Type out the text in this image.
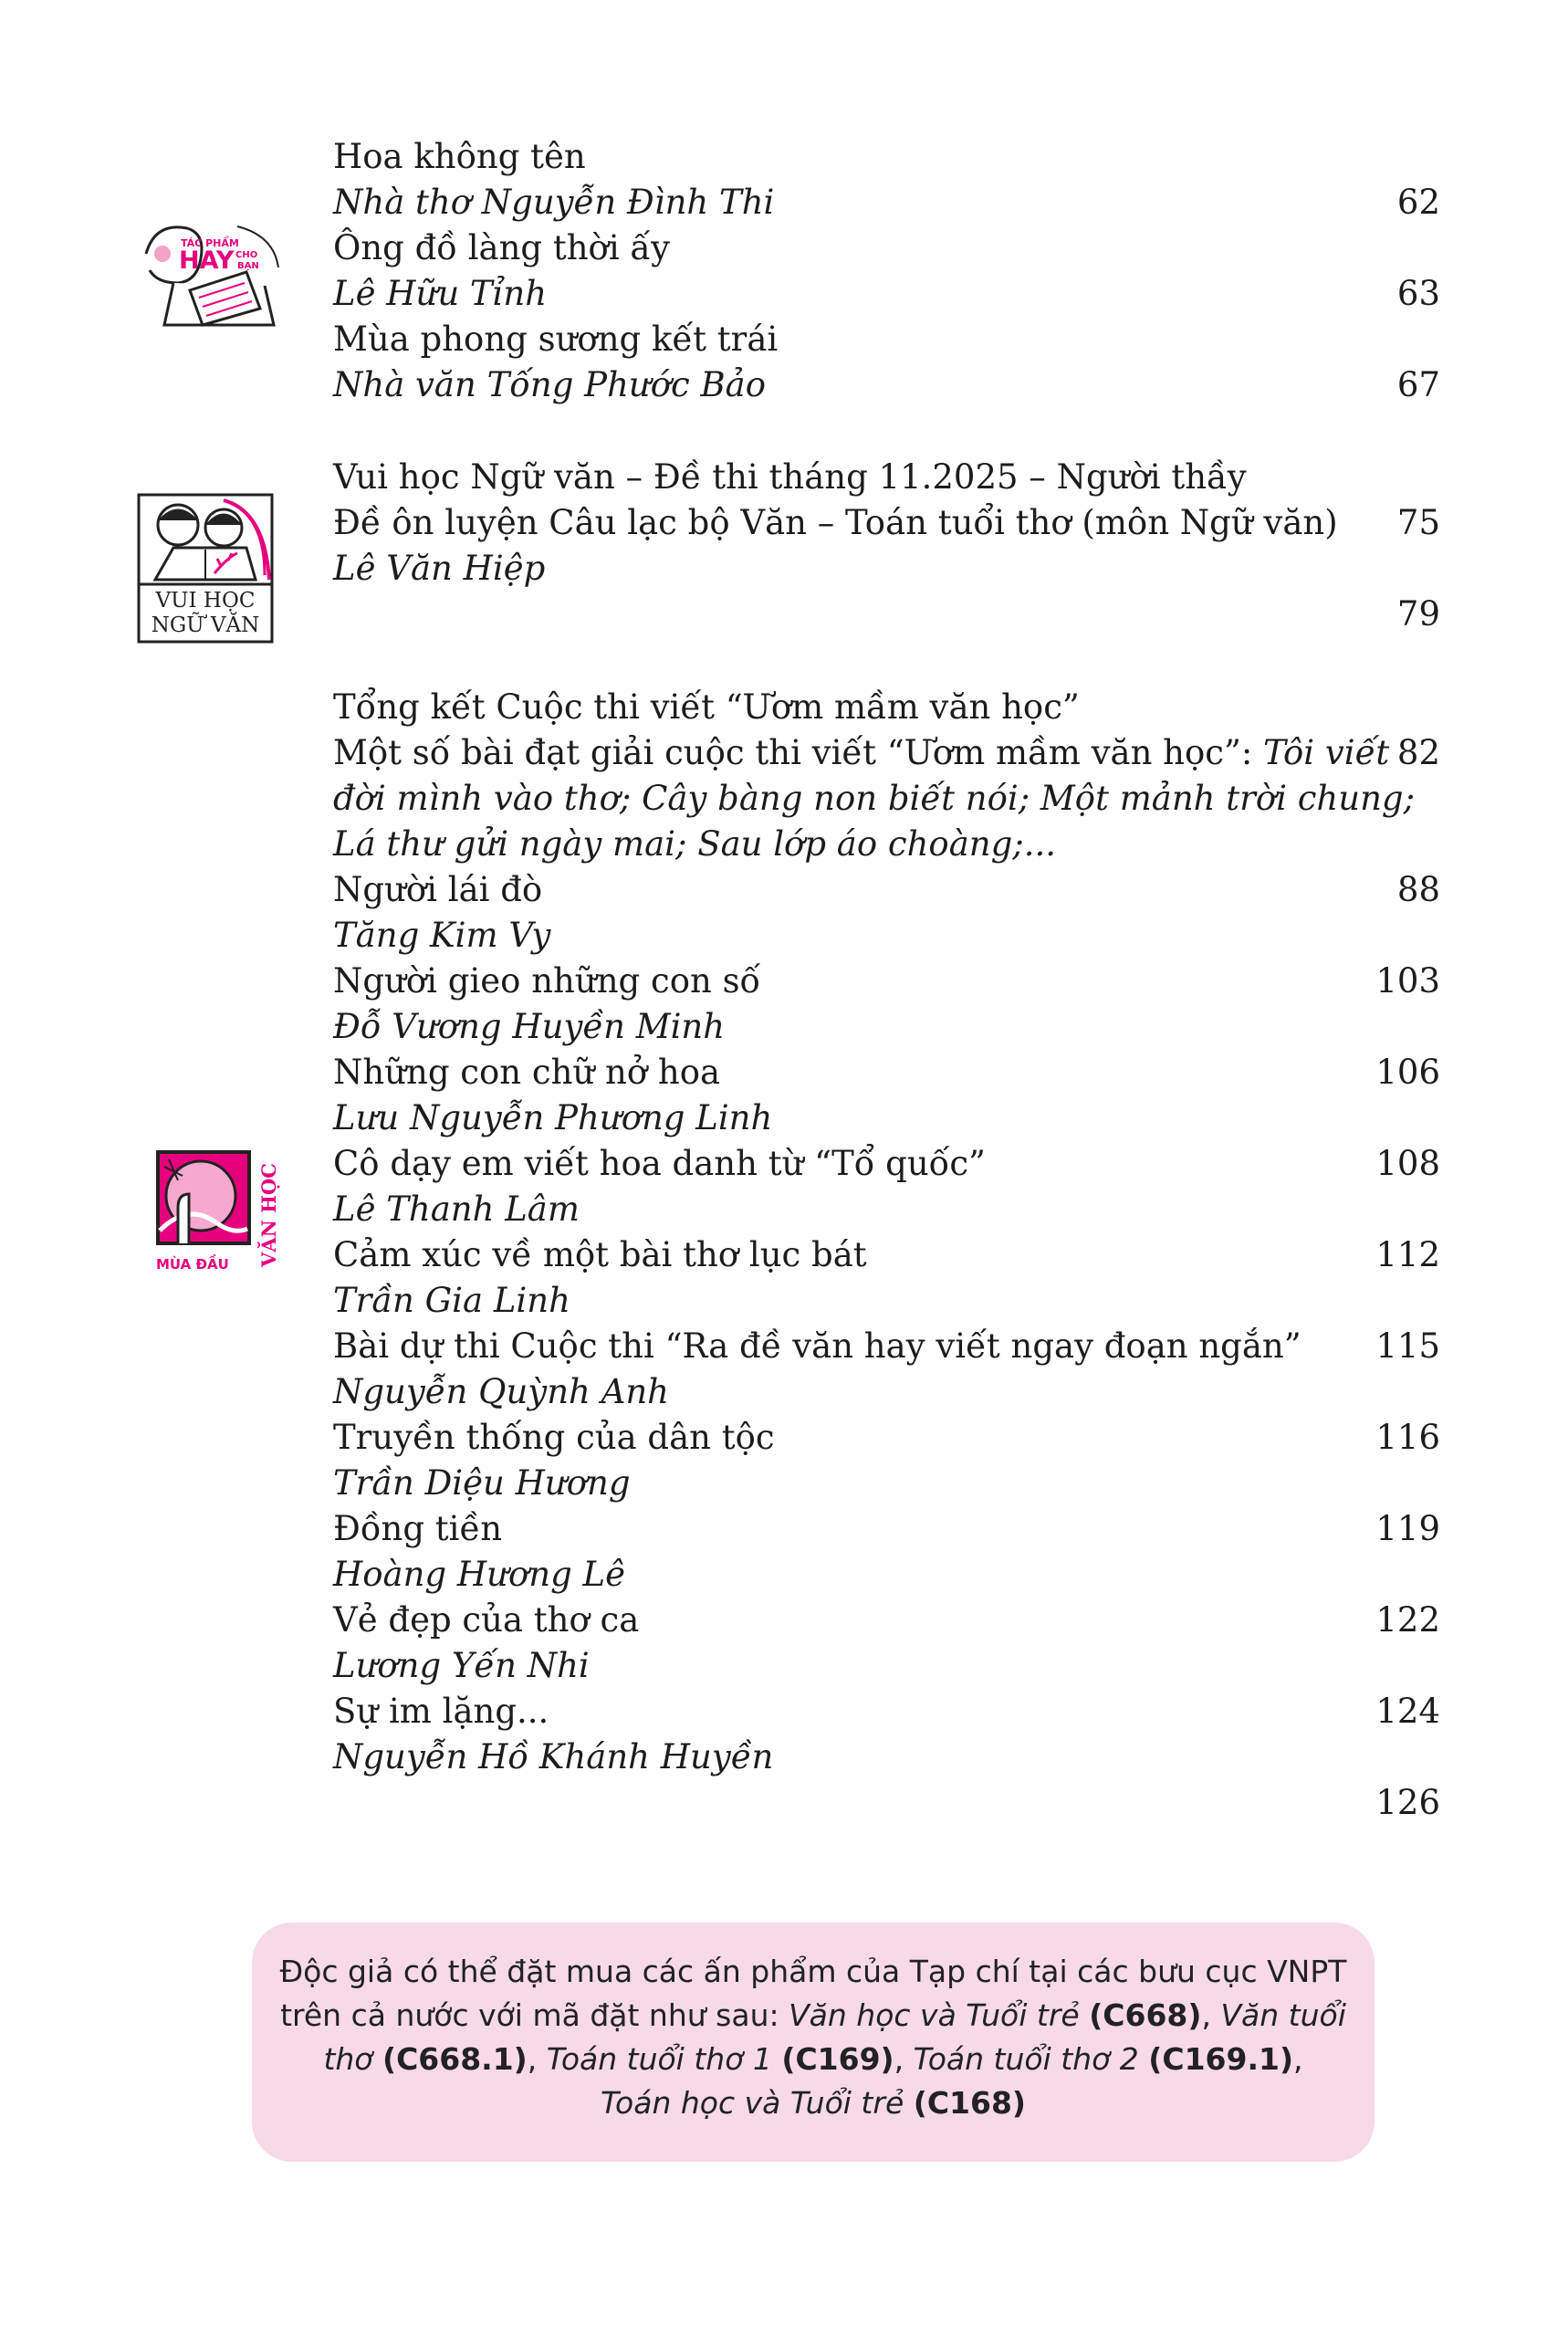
TÁC PHẨM
HAY CHO
BẠN
Hoa không tên
Nhà thơ Nguyễn Đình Thi	62
Ông đồ làng thời ấy
Lê Hữu Tỉnh	63
Mùa phong sương kết trái
Nhà văn Tống Phước Bảo	67
VUI HỌC
NGỮ VĂN
Vui học Ngữ văn – Đề thi tháng 11.2025 – Người thầy
Đề ôn luyện Câu lạc bộ Văn – Toán tuổi thơ (môn Ngữ văn) 75
Lê Văn Hiệp
79
MÙA ĐẦU VĂN HỌC
Tổng kết Cuộc thi viết “Ươm mầm văn học”
Một số bài đạt giải cuộc thi viết “Ươm mầm văn học”: Tôi viết 82
đời mình vào thơ; Cây bàng non biết nói; Một mảnh trời chung;
Lá thư gửi ngày mai; Sau lớp áo choàng;...
Người lái đò	88
Tăng Kim Vy
Người gieo những con số	103
Đỗ Vương Huyền Minh
Những con chữ nở hoa	106
Lưu Nguyễn Phương Linh
Cô dạy em viết hoa danh từ “Tổ quốc”	108
Lê Thanh Lâm
Cảm xúc về một bài thơ lục bát	112
Trần Gia Linh
Bài dự thi Cuộc thi “Ra đề văn hay viết ngay đoạn ngắn” 115
Nguyễn Quỳnh Anh
Truyền thống của dân tộc	116
Trần Diệu Hương
Đồng tiền	119
Hoàng Hương Lê
Vẻ đẹp của thơ ca	122
Lương Yến Nhi
Sự im lặng...	124
Nguyễn Hồ Khánh Huyền
126

Độc giả có thể đặt mua các ấn phẩm của Tạp chí tại các bưu cục VNPT
trên cả nước với mã đặt như sau: Văn học và Tuổi trẻ (C668), Văn tuổi
thơ (C668.1), Toán tuổi thơ 1 (C169), Toán tuổi thơ 2 (C169.1),
Toán học và Tuổi trẻ (C168)
